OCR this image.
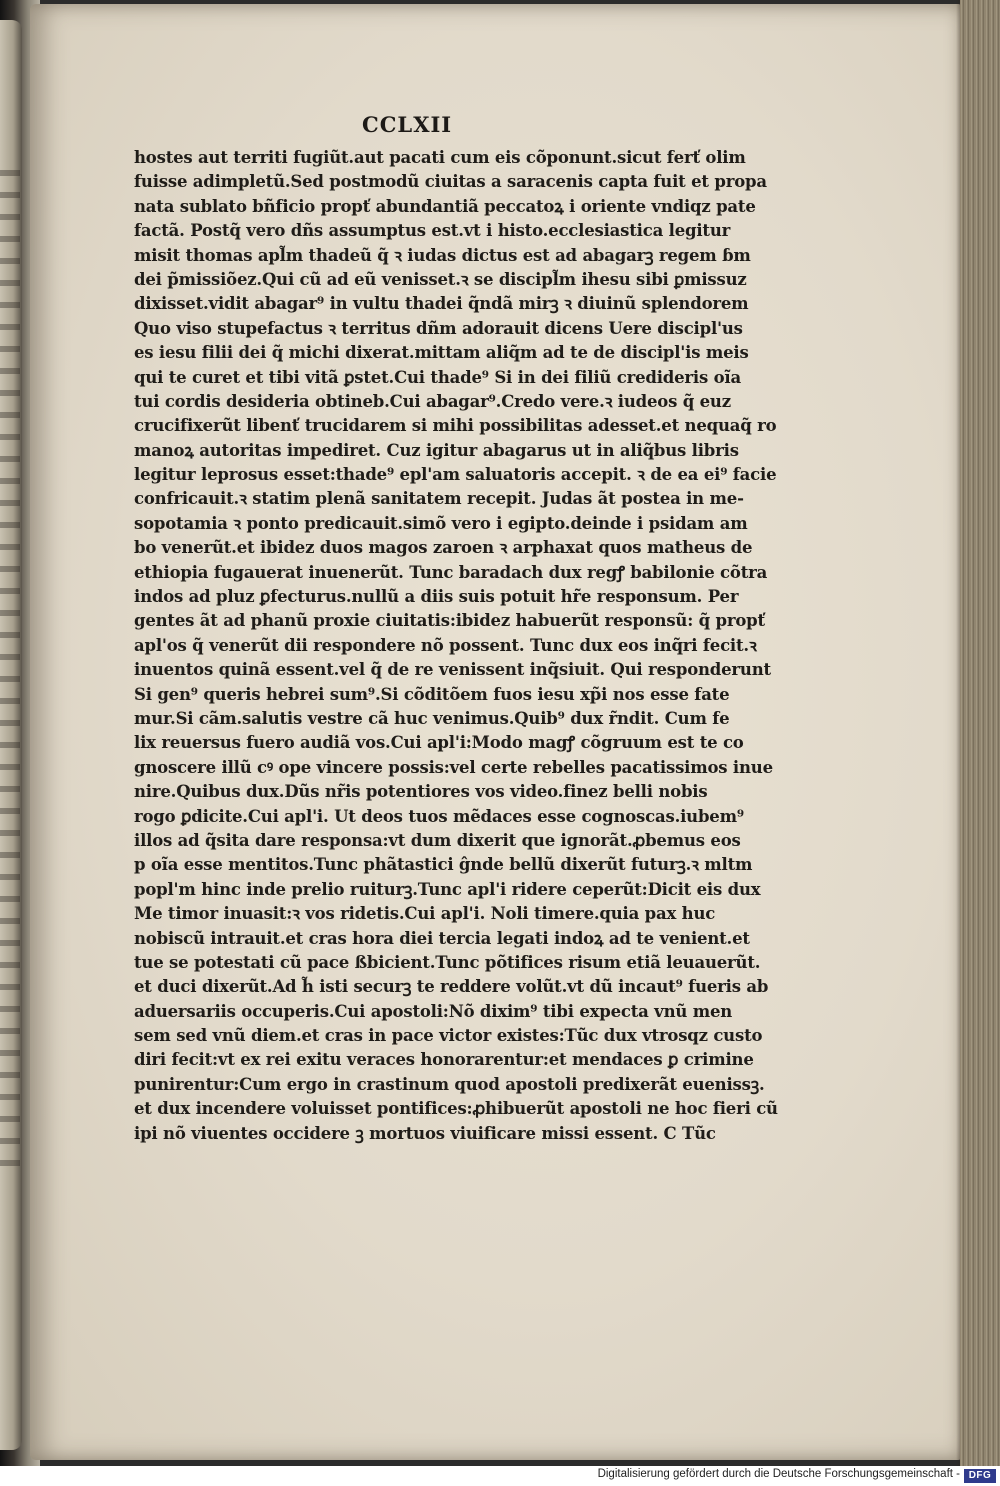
CCLXII
hostes aut territi fugiũt.aut pacati cum eis cõponunt.sicut ferť olim
fuisse adimpletũ.Sed postmodũ ciuitas a saracenis capta fuit et propa
nata sublato bñficio propť abundantiã peccatoꝝ i oriente vndiqz pate
factã. Postq̃ vero dñs assumptus est.vt i histo.ecclesiastica legitur
misit thomas apl̃m thadeũ q̃ ꝛ iudas dictus est ad abagarꝫ regem ɓm
dei p̃missiõez.Qui cũ ad eũ venisset.ꝛ se discipl̃m ihesu sibi ꝑmissuz
dixisset.vidit abagar⁹ in vultu thadei q̃ndã mirꝫ ꝛ diuinũ splendorem
Quo viso stupefactus ꝛ territus dñm adorauit dicens Uere discipl'us
es iesu filii dei q̃ michi dixerat.mittam aliq̃m ad te de discipl'is meis
qui te curet et tibi vitã ꝑstet.Cui thade⁹ Si in dei filiũ credideris oĩa
tui cordis desideria obtineb.Cui abagar⁹.Credo vere.ꝛ iudeos q̃ euz
crucifixerũt libenť trucidarem si mihi possibilitas adesset.et nequaq̃ ro
manoꝝ autoritas impediret. Cuz igitur abagarus ut in aliq̃bus libris
legitur leprosus esset:thade⁹ epl'am saluatoris accepit. ꝛ de ea ei⁹ facie
confricauit.ꝛ statim plenã sanitatem recepit. Judas ãt postea in me-
sopotamia ꝛ ponto predicauit.simõ vero i egipto.deinde i psidam am
bo venerũt.et ibidez duos magos zaroen ꝛ arphaxat quos matheus de
ethiopia fugauerat inuenerũt. Tunc baradach dux regꝭ babilonie cõtra
indos ad pluz ꝑfecturus.nullũ a diis suis potuit hr̃e responsum. Per
gentes ãt ad phanũ proxie ciuitatis:ibidez habuerũt responsũ: q̃ propť
apl'os q̃ venerũt dii respondere nõ possent. Tunc dux eos inq̃ri fecit.ꝛ
inuentos quinã essent.vel q̃ de re venissent inq̃siuit. Qui responderunt
Si gen⁹ queris hebrei sum⁹.Si cõditõem fuos iesu xp̃i nos esse fate
mur.Si cãm.salutis vestre cã huc venimus.Quib⁹ dux r̃ndit. Cum fe
lix reuersus fuero audiã vos.Cui apl'i:Modo magꝭ cõgruum est te co
gnoscere illũ cꝰ ope vincere possis:vel certe rebelles pacatissimos inue
nire.Quibus dux.Dũs nr̃is potentiores vos video.finez belli nobis
rogo ꝑdicite.Cui apl'i. Ut deos tuos mẽdaces esse cognoscas.iubem⁹
illos ad q̃sita dare responsa:vt dum dixerit que ignorãt.ꝓbemus eos
p oĩa esse mentitos.Tunc phãtastici ĝnde bellũ dixerũt futurꝫ.ꝛ mltm
popl'm hinc inde prelio ruiturꝫ.Tunc apl'i ridere ceperũt:Dicit eis dux
Me timor inuasit:ꝛ vos ridetis.Cui apl'i. Noli timere.quia pax huc
nobiscũ intrauit.et cras hora diei tercia legati indoꝝ ad te venient.et
tue se potestati cũ pace ßbicient.Tunc põtifices risum etiã leuauerũt.
et duci dixerũt.Ad h̃ isti securꝫ te reddere volũt.vt dũ incaut⁹ fueris ab
aduersariis occuperis.Cui apostoli:Nõ dixim⁹ tibi expecta vnũ men
sem sed vnũ diem.et cras in pace victor existes:Tũc dux vtrosqz custo
diri fecit:vt ex rei exitu veraces honorarentur:et mendaces ꝑ crimine
punirentur:Cum ergo in crastinum quod apostoli predixerãt euenissꝫ.
et dux incendere voluisset pontifices:ꝓhibuerũt apostoli ne hoc fieri cũ
ipi nõ viuentes occidere ꝫ mortuos viuificare missi essent. C Tũc
Digitalisierung gefördert durch die Deutsche Forschungsgemeinschaft - DFG
